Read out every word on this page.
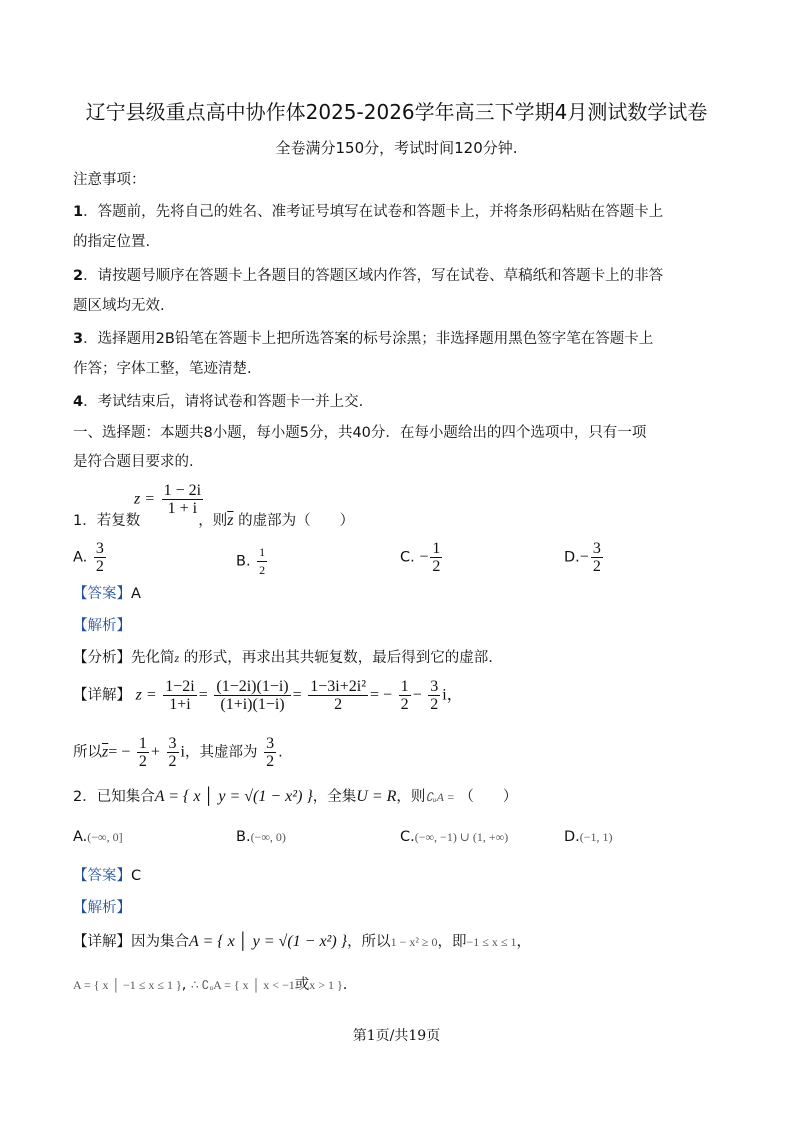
辽宁县级重点高中协作体2025-2026学年高三下学期4月测试数学试卷
全卷满分150分，考试时间120分钟.
注意事项：
1．答题前，先将自己的姓名、准考证号填写在试卷和答题卡上，并将条形码粘贴在答题卡上
的指定位置.
2．请按题号顺序在答题卡上各题目的答题区域内作答，写在试卷、草稿纸和答题卡上的非答
题区域均无效.
3．选择题用2B铅笔在答题卡上把所选答案的标号涂黑；非选择题用黑色签字笔在答题卡上
作答；字体工整，笔迹清楚.
4．考试结束后，请将试卷和答题卡一并上交.
一、选择题：本题共8小题，每小题5分，共40分．在每小题给出的四个选项中，只有一项
是符合题目要求的.
$z = \frac{1 - 2i}{1 + i}$
1．若复数	，则$\overline{z}$ 的虚部为（　　）
A. $\frac{3}{2}$	B. $\frac{1}{2}$	C. − $\frac{1}{2}$	$D.- \frac{3}{2}$
【答案】A
【解析】
【分析】先化简z 的形式，再求出其共轭复数，最后得到它的虚部.
【详解】 $z = \frac{1-2i}{1+i} = \frac{(1-2i)(1-i)}{(1+i)(1-i)} = \frac{\text{1−3i+2i²}}{2}$ = − $\frac{1}{2} - \frac{3}{2}$ i，
所以$\overline{z}= - \frac{1}{2} + \frac{3}{2}$ i，其虚部为 $\frac{3}{2}$ .
2．已知集合A = { x │ y = √(1 − x²) }，全集U = R，则∁ᵤA = （　　）
A.(−∞, 0]	B.(−∞, 0)	C.(−∞, −1) ∪ (1, +∞)	D.(−1, 1)
【答案】C
【解析】
【详解】因为集合A = { x │ y = √(1 − x²) }，所以1 − x² ≥ 0，即−1 ≤ x ≤ 1，
A = { x │ −1 ≤ x ≤ 1 }, ∴ ∁ᵤA = { x │ x < −1或x > 1 }.
第1页/共19页
